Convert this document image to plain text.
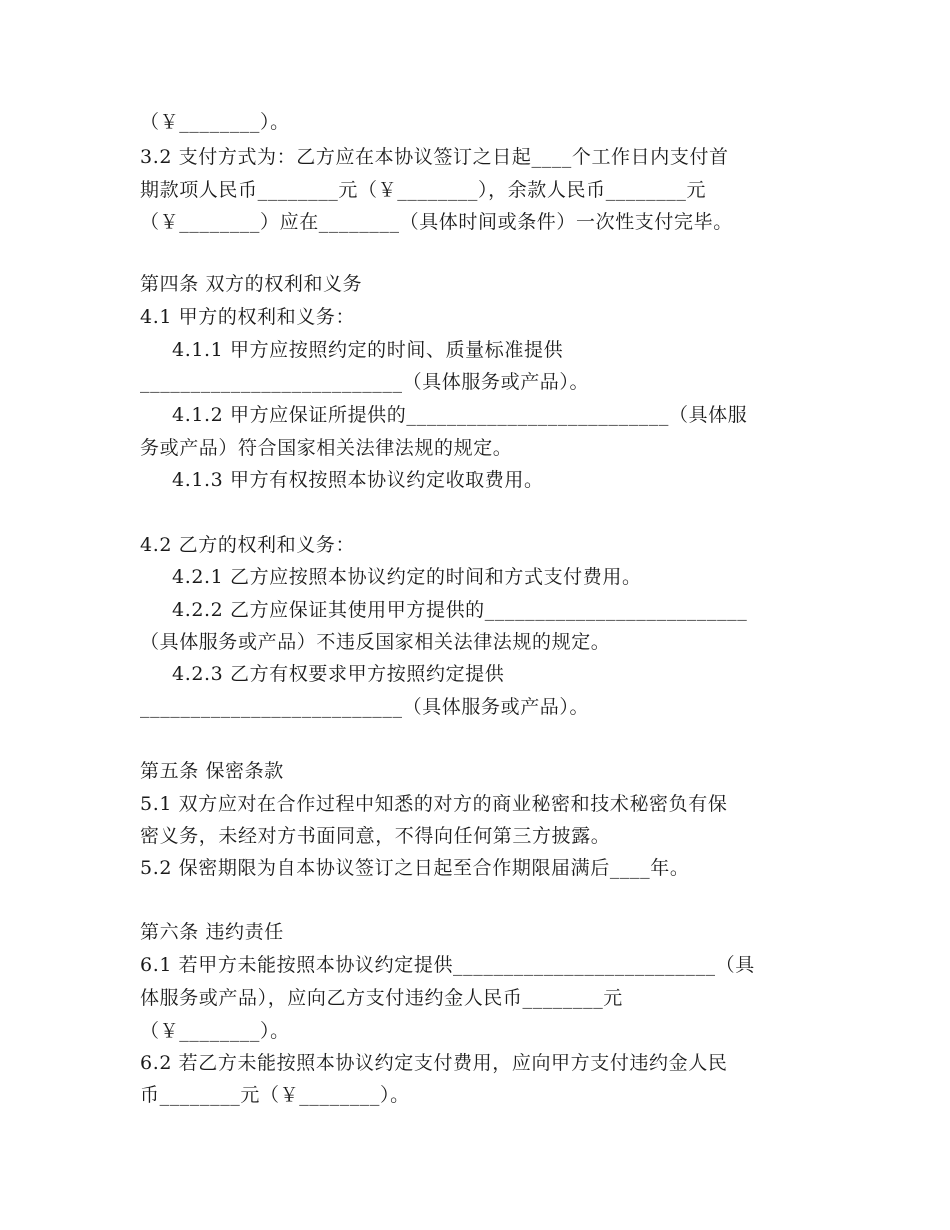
（￥________）。
3.2 支付方式为：乙方应在本协议签订之日起____个工作日内支付首
期款项人民币________元（￥________），余款人民币________元
（￥________）应在________（具体时间或条件）一次性支付完毕。
第四条 双方的权利和义务
4.1 甲方的权利和义务：
4.1.1 甲方应按照约定的时间、质量标准提供
__________________________（具体服务或产品）。
4.1.2 甲方应保证所提供的__________________________（具体服
务或产品）符合国家相关法律法规的规定。
4.1.3 甲方有权按照本协议约定收取费用。
4.2 乙方的权利和义务：
4.2.1 乙方应按照本协议约定的时间和方式支付费用。
4.2.2 乙方应保证其使用甲方提供的__________________________
（具体服务或产品）不违反国家相关法律法规的规定。
4.2.3 乙方有权要求甲方按照约定提供
__________________________（具体服务或产品）。
第五条 保密条款
5.1 双方应对在合作过程中知悉的对方的商业秘密和技术秘密负有保
密义务，未经对方书面同意，不得向任何第三方披露。
5.2 保密期限为自本协议签订之日起至合作期限届满后____年。
第六条 违约责任
6.1 若甲方未能按照本协议约定提供__________________________（具
体服务或产品），应向乙方支付违约金人民币________元
（￥________）。
6.2 若乙方未能按照本协议约定支付费用，应向甲方支付违约金人民
币________元（￥________）。
